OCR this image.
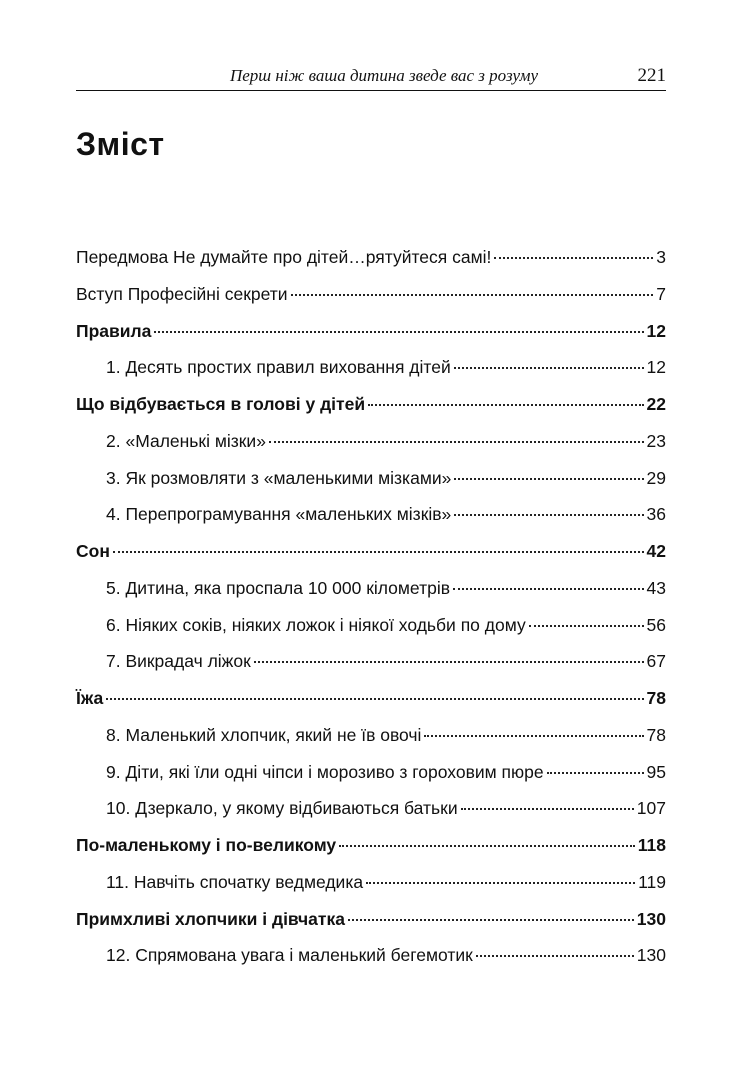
Перш ніж ваша дитина зведе вас з розуму	221
Зміст
Передмова Не думайте про дітей…рятуйтеся самі!	3
Вступ Професійні секрети	7
Правила	12
1. Десять простих правил виховання дітей	12
Що відбувається в голові у дітей	22
2. «Маленькі мізки»	23
3. Як розмовляти з «маленькими мізками»	29
4. Перепрограмування «маленьких мізків»	36
Сон	42
5. Дитина, яка проспала 10 000 кілометрів	43
6. Ніяких соків, ніяких ложок і ніякої ходьби по дому	56
7. Викрадач ліжок	67
Їжа	78
8. Маленький хлопчик, який не їв овочі	78
9. Діти, які їли одні чіпси і морозиво з гороховим пюре	95
10. Дзеркало, у якому відбиваються батьки	107
По-маленькому і по-великому	118
11. Навчіть спочатку ведмедика	119
Примхливі хлопчики і дівчатка	130
12. Спрямована увага і маленький бегемотик	130
